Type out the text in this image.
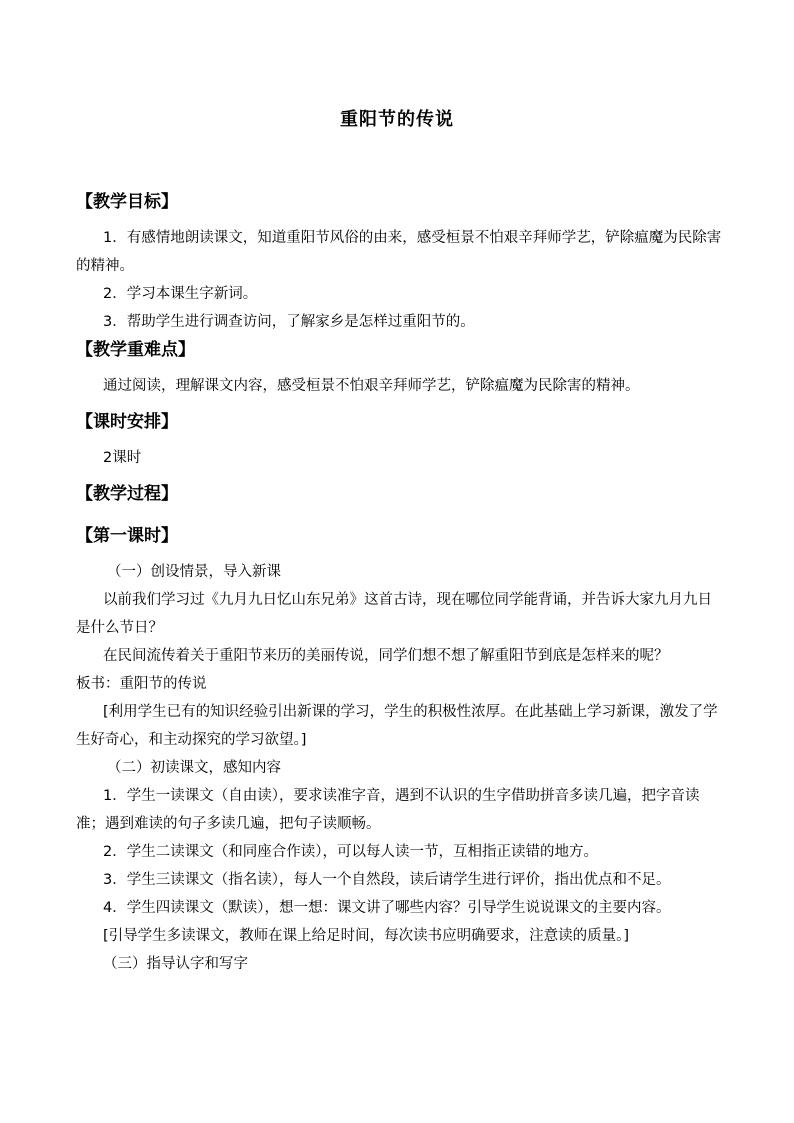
重阳节的传说
【教学目标】
1．有感情地朗读课文，知道重阳节风俗的由来，感受桓景不怕艰辛拜师学艺，铲除瘟魔为民除害的精神。
2．学习本课生字新词。
3．帮助学生进行调查访问，了解家乡是怎样过重阳节的。
【教学重难点】
通过阅读，理解课文内容，感受桓景不怕艰辛拜师学艺，铲除瘟魔为民除害的精神。
【课时安排】
2课时
【教学过程】
【第一课时】
（一）创设情景，导入新课
以前我们学习过《九月九日忆山东兄弟》这首古诗，现在哪位同学能背诵，并告诉大家九月九日是什么节日？
在民间流传着关于重阳节来历的美丽传说，同学们想不想了解重阳节到底是怎样来的呢？
板书：重阳节的传说
[利用学生已有的知识经验引出新课的学习，学生的积极性浓厚。在此基础上学习新课，激发了学生好奇心，和主动探究的学习欲望。]
（二）初读课文，感知内容
1．学生一读课文（自由读），要求读准字音，遇到不认识的生字借助拼音多读几遍，把字音读准；遇到难读的句子多读几遍，把句子读顺畅。
2．学生二读课文（和同座合作读），可以每人读一节，互相指正读错的地方。
3．学生三读课文（指名读），每人一个自然段，读后请学生进行评价，指出优点和不足。
4．学生四读课文（默读），想一想：课文讲了哪些内容？引导学生说说课文的主要内容。
[引导学生多读课文，教师在课上给足时间，每次读书应明确要求，注意读的质量。]
（三）指导认字和写字
